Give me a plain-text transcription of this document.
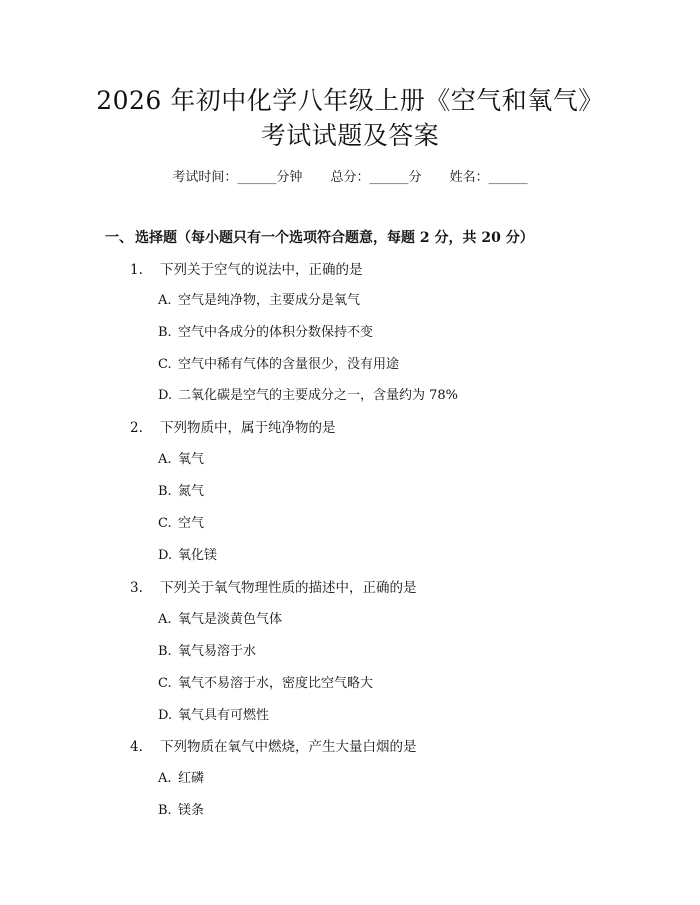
2026 年初中化学八年级上册《空气和氧气》
考试试题及答案
考试时间：______分钟 总分：______分 姓名：______
一、 选择题（每小题只有一个选项符合题意，每题 2 分，共 20 分）
1. 下列关于空气的说法中，正确的是
A. 空气是纯净物，主要成分是氧气
B. 空气中各成分的体积分数保持不变
C. 空气中稀有气体的含量很少，没有用途
D. 二氧化碳是空气的主要成分之一，含量约为 78%
2. 下列物质中，属于纯净物的是
A. 氧气
B. 氮气
C. 空气
D. 氧化镁
3. 下列关于氧气物理性质的描述中，正确的是
A. 氧气是淡黄色气体
B. 氧气易溶于水
C. 氧气不易溶于水，密度比空气略大
D. 氧气具有可燃性
4. 下列物质在氧气中燃烧，产生大量白烟的是
A. 红磷
B. 镁条
